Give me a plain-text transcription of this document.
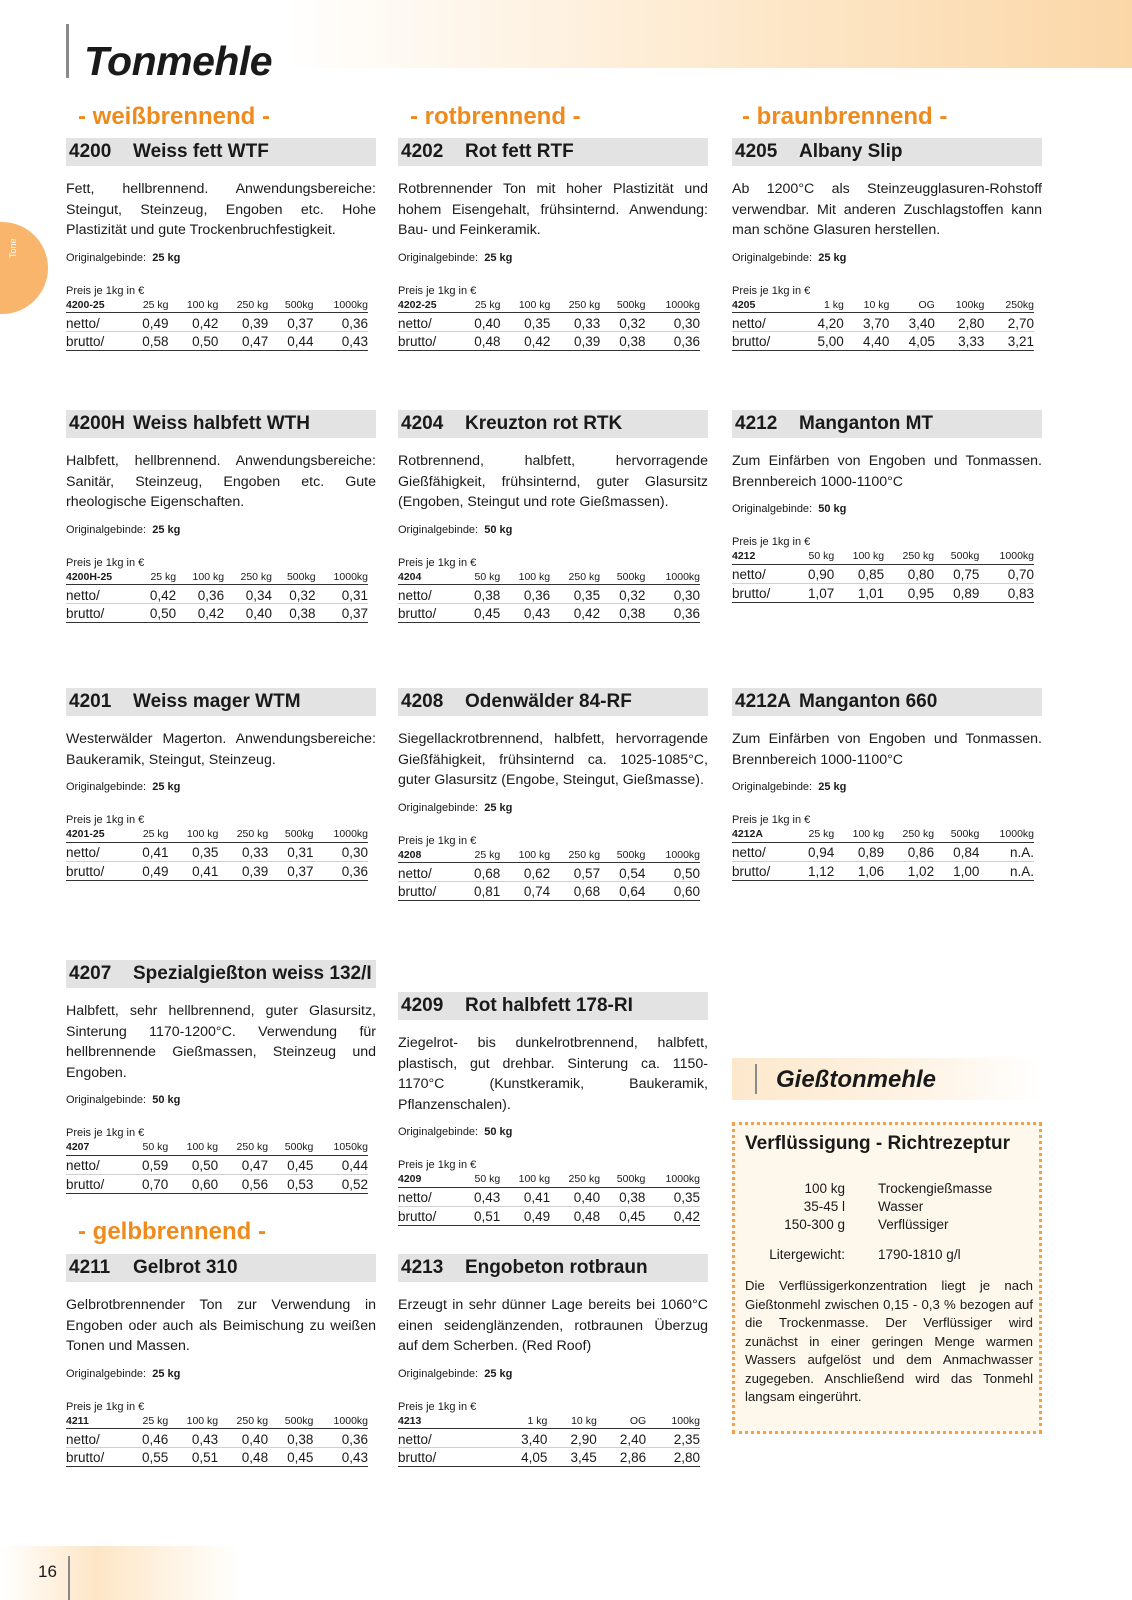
Tonmehle
Tone
- weißbrennend -	- rotbrennend -	- braunbrennend -
- gelbbrennend -
4200 Weiss fett WTF
Fett, hellbrennend. Anwendungsbereiche: Steingut, Steinzeug, Engoben etc. Hohe Plastizität und gute Trockenbruchfestigkeit.
Originalgebinde: 25 kg
Preis je 1kg in €
4200-25	25 kg	100 kg	250 kg	500kg	1000kg
netto/	0,49	0,42	0,39	0,37	0,36
brutto/	0,58	0,50	0,47	0,44	0,43
4200H Weiss halbfett WTH
Halbfett, hellbrennend. Anwendungsbereiche: Sanitär, Steinzeug, Engoben etc. Gute rheologische Eigenschaften.
Originalgebinde: 25 kg
Preis je 1kg in €
4200H-25	25 kg	100 kg	250 kg	500kg	1000kg
netto/	0,42	0,36	0,34	0,32	0,31
brutto/	0,50	0,42	0,40	0,38	0,37
4201 Weiss mager WTM
Westerwälder Magerton. Anwendungsbereiche: Baukeramik, Steingut, Steinzeug.
Originalgebinde: 25 kg
Preis je 1kg in €
4201-25	25 kg	100 kg	250 kg	500kg	1000kg
netto/	0,41	0,35	0,33	0,31	0,30
brutto/	0,49	0,41	0,39	0,37	0,36
4207 Spezialgießton weiss 132/I
Halbfett, sehr hellbrennend, guter Glasursitz, Sinterung 1170-1200°C. Verwendung für hellbrennende Gießmassen, Steinzeug und Engoben.
Originalgebinde: 50 kg
Preis je 1kg in €
4207	50 kg	100 kg	250 kg	500kg	1050kg
netto/	0,59	0,50	0,47	0,45	0,44
brutto/	0,70	0,60	0,56	0,53	0,52
4211 Gelbrot 310
Gelbrotbrennender Ton zur Verwendung in Engoben oder auch als Beimischung zu weißen Tonen und Massen.
Originalgebinde: 25 kg
Preis je 1kg in €
4211	25 kg	100 kg	250 kg	500kg	1000kg
netto/	0,46	0,43	0,40	0,38	0,36
brutto/	0,55	0,51	0,48	0,45	0,43
4202 Rot fett RTF
Rotbrennender Ton mit hoher Plastizität und hohem Eisengehalt, frühsinternd. Anwendung: Bau- und Feinkeramik.
Originalgebinde: 25 kg
Preis je 1kg in €
4202-25	25 kg	100 kg	250 kg	500kg	1000kg
netto/	0,40	0,35	0,33	0,32	0,30
brutto/	0,48	0,42	0,39	0,38	0,36
4204 Kreuzton rot RTK
Rotbrennend, halbfett, hervorragende Gießfähigkeit, frühsinternd, guter Glasursitz (Engoben, Steingut und rote Gießmassen).
Originalgebinde: 50 kg
Preis je 1kg in €
4204	50 kg	100 kg	250 kg	500kg	1000kg
netto/	0,38	0,36	0,35	0,32	0,30
brutto/	0,45	0,43	0,42	0,38	0,36
4208 Odenwälder 84-RF
Siegellackrotbrennend, halbfett, hervorragende Gießfähigkeit, frühsinternd ca. 1025-1085°C, guter Glasursitz (Engobe, Steingut, Gießmasse).
Originalgebinde: 25 kg
Preis je 1kg in €
4208	25 kg	100 kg	250 kg	500kg	1000kg
netto/	0,68	0,62	0,57	0,54	0,50
brutto/	0,81	0,74	0,68	0,64	0,60
4209 Rot halbfett 178-RI
Ziegelrot- bis dunkelrotbrennend, halbfett, plastisch, gut drehbar. Sinterung ca. 1150-1170°C (Kunstkeramik, Baukeramik, Pflanzenschalen).
Originalgebinde: 50 kg
Preis je 1kg in €
4209	50 kg	100 kg	250 kg	500kg	1000kg
netto/	0,43	0,41	0,40	0,38	0,35
brutto/	0,51	0,49	0,48	0,45	0,42
4213 Engobeton rotbraun
Erzeugt in sehr dünner Lage bereits bei 1060°C einen seidenglänzenden, rotbraunen Überzug auf dem Scherben. (Red Roof)
Originalgebinde: 25 kg
Preis je 1kg in €
4213	1 kg	10 kg	OG	100kg
netto/	3,40	2,90	2,40	2,35
brutto/	4,05	3,45	2,86	2,80
4205 Albany Slip
Ab 1200°C als Steinzeugglasuren-Rohstoff verwendbar. Mit anderen Zuschlagstoffen kann man schöne Glasuren herstellen.
Originalgebinde: 25 kg
Preis je 1kg in €
4205	1 kg	10 kg	OG	100kg	250kg
netto/	4,20	3,70	3,40	2,80	2,70
brutto/	5,00	4,40	4,05	3,33	3,21
4212 Manganton MT
Zum Einfärben von Engoben und Tonmassen. Brennbereich 1000-1100°C
Originalgebinde: 50 kg
Preis je 1kg in €
4212	50 kg	100 kg	250 kg	500kg	1000kg
netto/	0,90	0,85	0,80	0,75	0,70
brutto/	1,07	1,01	0,95	0,89	0,83
4212A Manganton 660
Zum Einfärben von Engoben und Tonmassen. Brennbereich 1000-1100°C
Originalgebinde: 25 kg
Preis je 1kg in €
4212A	25 kg	100 kg	250 kg	500kg	1000kg
netto/	0,94	0,89	0,86	0,84	n.A.
brutto/	1,12	1,06	1,02	1,00	n.A.
Gießtonmehle
Verflüssigung - Richtrezeptur
100 kg Trockengießmasse
35-45 l Wasser
150-300 g Verflüssiger
Litergewicht: 1790-1810 g/l
Die Verflüssigerkonzentration liegt je nach Gießtonmehl zwischen 0,15 - 0,3 % bezogen auf die Trockenmasse. Der Verflüssiger wird zunächst in einer geringen Menge warmen Wassers aufgelöst und dem Anmachwasser zugegeben. Anschließend wird das Tonmehl langsam eingerührt.
16
